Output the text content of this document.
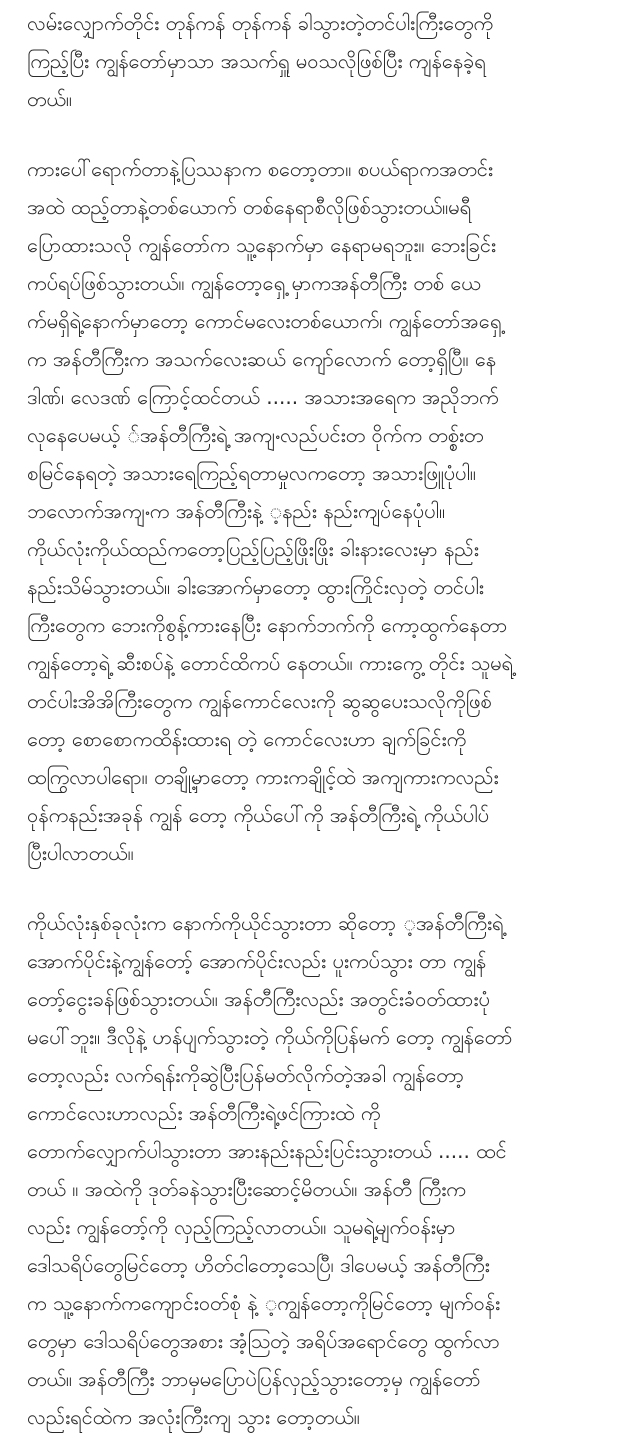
လမ်းလျှောက်တိုင်း တုန်ကန် တုန်ကန် ခါသွားတဲ့တင်ပါးကြီးတွေကို
ကြည့်ပြီး ကျွန်တော်မှာသာ အသက်ရှူ မဝသလိုဖြစ်ပြီး ကျန်နေခဲ့ရ
တယ်။
ကားပေါ်ရောက်တာနဲ့ပြဿနာက စတော့တာ။ စပယ်ရာကအတင်း
အထဲ ထည့်တာနဲ့တစ်ယောက် တစ်နေရာစီလိုဖြစ်သွားတယ်။မရီ
ပြောထားသလို ကျွန်တော်က သူ့နောက်မှာ နေရာမရဘူး။ ဘေးခြင်း
ကပ်ရပ်ဖြစ်သွားတယ်။ ကျွန်တော့ရှေ့ မှာကအန်တီကြီး တစ် ယေ
က်မရှိရဲ့နောက်မှာတော့ ကောင်မလေးတစ်ယောက်၊ ကျွန်တော်အရှေ့
က အန်တီကြီးက အသက်လေးဆယ် ကျော်လောက် တော့ရှိပြီ။ နေ
ဒါဏ်၊ လေဒဏ် ကြောင့်ထင်တယ် ..... အသားအရေက အညိုဘက်
လုနေပေမယ့် ်အန်တီကြီးရဲ့ အကျႋလည်ပင်းတ ဝိုက်က တစ္စ်းတ
စမြင်နေရတဲ့ အသားရေကြည့်ရတာမှုလကတော့ အသားဖြူပုံပါ။
ဘလောက်အကျႋက အန်တီကြီးနဲ့ ့နည်း နည်းကျပ်နေပုံပါ။
ကိုယ်လုံးကိုယ်ထည်ကတော့ပြည့်ပြည့်ဖြိုးဖြိုး ခါးနားလေးမှာ နည်း
နည်းသိမ်သွားတယ်။ ခါးအောက်မှာတော့ ထွားကြိုင်းလှတဲ့ တင်ပါး
ကြီးတွေက ဘေးကိုစွန့်ကားနေပြီး နောက်ဘက်ကို ကော့ထွက်နေတာ
ကျွန်တော့ရဲ့ ဆီးစပ်နဲ့ တောင်ထိကပ် နေတယ်။ ကားကွေ့ တိုင်း သူမရဲ့
တင်ပါးအိအိကြီးတွေက ကျွန်ကောင်လေးကို ဆွဆွပေးသလိုကိုဖြစ်
တော့ စောစောကထိန်းထားရ တဲ့ ကောင်လေးဟာ ချက်ခြင်းကို
ထကြွလာပါရော။ တချို့မှာတော့ ကားကချိုင့်ထဲ အကျကားကလည်း
ဝုန်ကနည်းအခုန် ကျွန် တော့ ကိုယ်ပေါ်ကို အန်တီကြီးရဲ့ ကိုယ်ပါပ်
ပြီးပါလာတယ်။
ကိုယ်လုံးနှစ်ခုလုံးက နောက်ကိုယိုင်သွားတာ ဆိုတော့ ့အန်တီကြီးရဲ့
အောက်ပိုင်းနဲ့ကျွန်တော့် အောက်ပိုင်းလည်း ပူးကပ်သွား တာ ကျွန်
တော့်ငွေးခန်ဖြစ်သွားတယ်။ အန်တီကြီးလည်း အတွင်းခံဝတ်ထားပုံ
မပေါ်ဘူး။ ဒီလိုနဲ့ ဟန်ပျက်သွားတဲ့ ကိုယ်ကိုပြန်မက် တော့ ကျွန်တော်
တော့လည်း လက်ရန်းကိုဆွဲပြီးပြန်မတ်လိုက်တဲ့အခါ ကျွန်တော့
ကောင်လေးဟာလည်း အန်တီကြီးရဲ့ဖင်ကြားထဲ ကို
တောက်လျှောက်ပါသွားတာ အားနည်းနည်းပြင်းသွားတယ် ..... ထင်
တယ် ။ အထဲကို ဒုတ်ခနဲသွားပြီးဆောင့်မိတယ်။ အန်တီ ကြီးက
လည်း ကျွန်တော့်ကို လှည့်ကြည့်လာတယ်။ သူမရဲ့မျက်ဝန်းမှာ
ဒေါသရိပ်တွေမြင်တော့ ဟိတ်ငါတော့သေပြီ၊ ဒါပေမယ့် အန်တီကြီး
က သူ့နောက်ကကျောင်းဝတ်စုံ နဲ့ ့ကျွန်တော့ကိုမြင်တော့ မျက်ဝန်း
တွေမှာ ဒေါသရိပ်တွေအစား အံ့သြတဲ့ အရိပ်အရောင်တွေ ထွက်လာ
တယ်။ အန်တီကြီး ဘာမှမပြောပဲပြန်လှည့်သွားတော့မှ ကျွန်တော်
လည်းရင်ထဲက အလုံးကြီးကျ သွား တော့တယ်။
